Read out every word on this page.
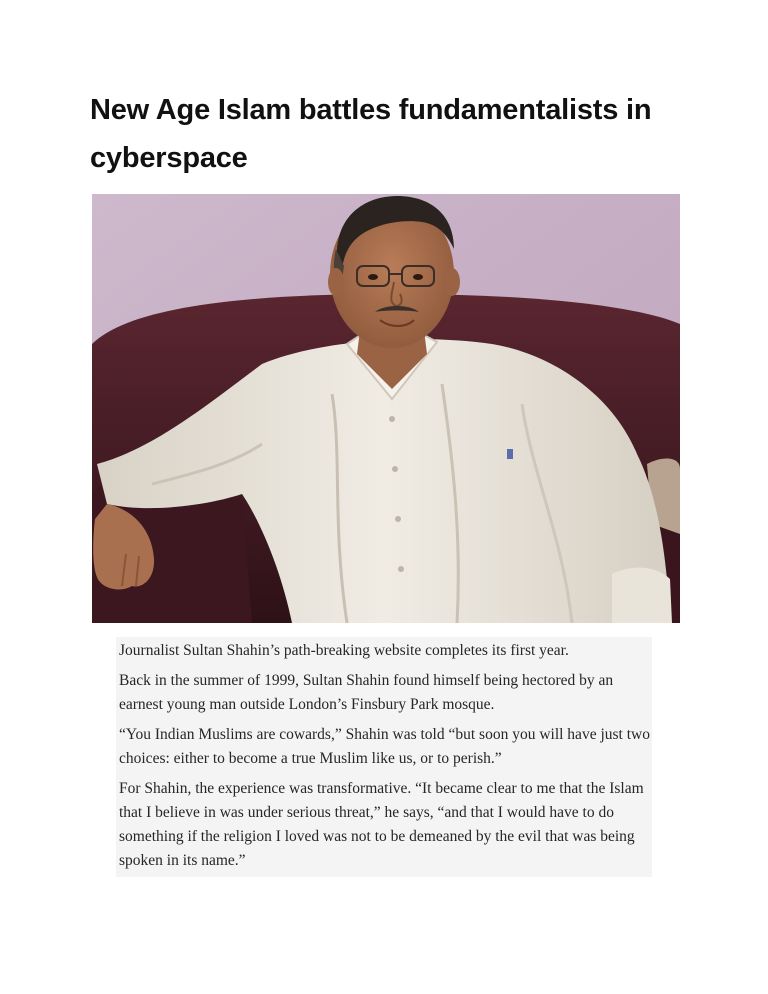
New Age Islam battles fundamentalists in cyberspace

Journalist Sultan Shahin’s path-breaking website completes its first year.

Back in the summer of 1999, Sultan Shahin found himself being hectored by an earnest young man outside London’s Finsbury Park mosque.

“You Indian Muslims are cowards,” Shahin was told “but soon you will have just two choices: either to become a true Muslim like us, or to perish.”

For Shahin, the experience was transformative. “It became clear to me that the Islam that I believe in was under serious threat,” he says, “and that I would have to do something if the religion I loved was not to be demeaned by the evil that was being spoken in its name.”
